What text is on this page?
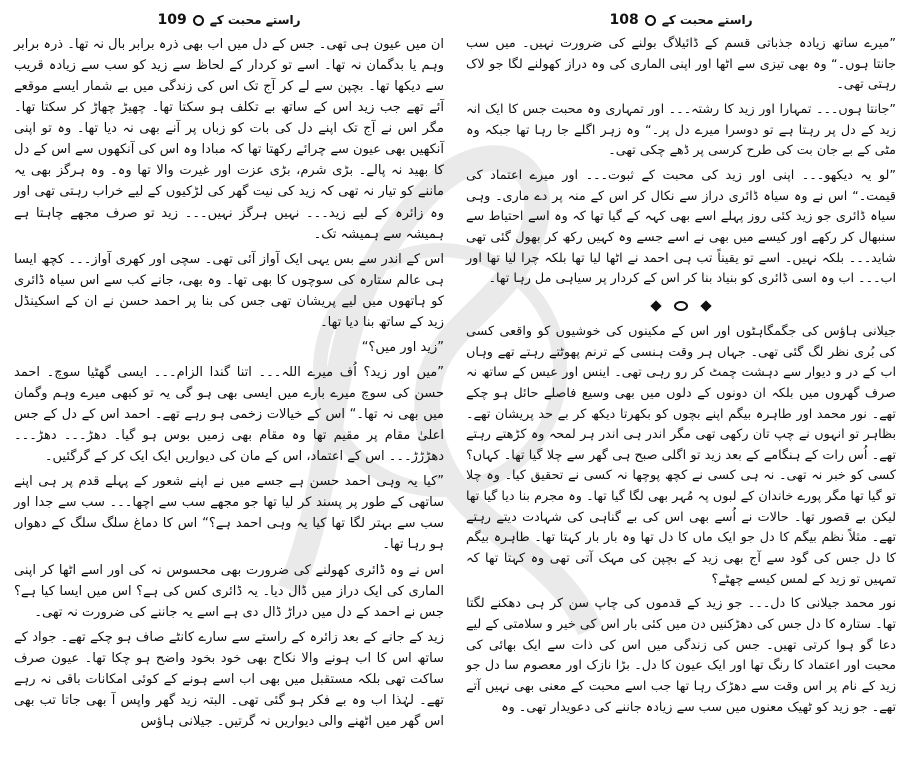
راستے محبت کے
109

ان میں عیون ہی تھی۔ جس کے دل میں اب بھی ذرہ برابر بال نہ تھا۔ ذرہ برابر وہم یا بدگمان نہ تھا۔ اسے تو کردار کے لحاظ سے زید کو سب سے زیادہ قریب سے دیکھا تھا۔ بچپن سے لے کر آج تک اس کی زندگی میں بے شمار ایسے موقعے آئے تھے جب زید اس کے ساتھ بے تکلف ہو سکتا تھا۔ چھیڑ چھاڑ کر سکتا تھا۔ مگر اس نے آج تک اپنے دل کی بات کو زباں پر آنے بھی نہ دیا تھا۔ وہ تو اپنی آنکھیں بھی عیون سے چرائے رکھتا تھا کہ مبادا وہ اس کی آنکھوں سے اس کے دل کا بھید نہ پالے۔ بڑی شرم، بڑی عزت اور غیرت والا تھا وہ۔ وہ ہرگز بھی یہ ماننے کو تیار نہ تھی کہ زید کی نیت گھر کی لڑکیوں کے لیے خراب رہتی تھی اور وہ زائرہ کے لیے زید۔۔۔ نہیں ہرگز نہیں۔۔۔ زید تو صرف مجھے چاہتا ہے ہمیشہ سے ہمیشہ تک۔

اس کے اندر سے بس یہی ایک آواز آئی تھی۔ سچی اور کھری آواز۔۔۔ کچھ ایسا ہی عالم ستارہ کی سوچوں کا بھی تھا۔ وہ بھی، جانے کب سے اس سیاہ ڈائری کو ہاتھوں میں لیے پریشان تھی جس کی بنا پر احمد حسن نے ان کے اسکینڈل زید کے ساتھ بنا دیا تھا۔

”زید اور میں؟“

”میں اور زید؟ اُف میرے اللہ۔۔۔ اتنا گندا الزام۔۔۔ ایسی گھٹیا سوچ۔ احمد حسن کی سوچ میرے بارے میں ایسی بھی ہو گی یہ تو کبھی میرے وہم وگمان میں بھی نہ تھا۔“ اس کے خیالات زخمی ہو رہے تھے۔ احمد اس کے دل کے جس اعلیٰ مقام پر مقیم تھا وہ مقام بھی زمیں بوس ہو گیا۔ دھڑ۔۔۔ دھڑ۔۔۔ دھڑڑڑ۔۔۔ اس کے اعتماد، اس کے مان کی دیواریں ایک ایک کر کے گرگئیں۔

”کیا یہ وہی احمد حسن ہے جسے میں نے اپنے شعور کے پہلے قدم پر ہی اپنے ساتھی کے طور پر پسند کر لیا تھا جو مجھے سب سے اچھا۔۔۔ سب سے جدا اور سب سے بہتر لگا تھا کیا یہ وہی احمد ہے؟“ اس کا دماغ سلگ سلگ کے دھواں ہو رہا تھا۔

اس نے وہ ڈائری کھولنے کی ضرورت بھی محسوس نہ کی اور اسے اٹھا کر اپنی الماری کی ایک دراز میں ڈال دیا۔ یہ ڈائری کس کی ہے؟ اس میں ایسا کیا ہے؟ جس نے احمد کے دل میں دراڑ ڈال دی ہے اسے یہ جاننے کی ضرورت نہ تھی۔

زید کے جانے کے بعد زائرہ کے راستے سے سارے کانٹے صاف ہو چکے تھے۔ جواد کے ساتھ اس کا اب ہونے والا نکاح بھی خود بخود واضح ہو چکا تھا۔ عیون صرف ساکت تھی بلکہ مستقبل میں بھی اب اسے ہونے کے کوئی امکانات باقی نہ رہے تھے۔ لہٰذا اب وہ بے فکر ہو گئی تھی۔ البتہ زید گھر واپس آ بھی جاتا تب بھی اس گھر میں اٹھنے والی دیواریں نہ گرتیں۔ جیلانی ہاؤس

راستے محبت کے
108

”میرے ساتھ زیادہ جذباتی قسم کے ڈائیلاگ بولنے کی ضرورت نہیں۔ میں سب جانتا ہوں۔“ وہ بھی تیزی سے اٹھا اور اپنی الماری کی وہ دراز کھولنے لگا جو لاک رہتی تھی۔

”جانتا ہوں۔۔۔ تمہارا اور زید کا رشتہ۔۔۔ اور تمہاری وہ محبت جس کا ایک انہ زید کے دل پر رہتا ہے تو دوسرا میرے دل پر۔“ وہ زہر اگلے جا رہا تھا جبکہ وہ مٹی کے بے جان بت کی طرح کرسی پر ڈھے چکی تھی۔

”لو یہ دیکھو۔۔۔ اپنی اور زید کی محبت کے ثبوت۔۔۔ اور میرے اعتماد کی قیمت۔“ اس نے وہ سیاہ ڈائری دراز سے نکال کر اس کے منہ پر دے ماری۔ وہی سیاہ ڈائری جو زید کئی روز پہلے اسے بھی کہہ کے گیا تھا کہ وہ اسے احتیاط سے سنبھال کر رکھے اور کیسے میں بھی نے اسے جسے وہ کہیں رکھ کر بھول گئی تھی شاید۔۔۔ بلکہ نہیں۔ اسے تو یقیناً تب ہی احمد نے اٹھا لیا تھا بلکہ چرا لیا تھا اور اب۔۔۔ اب وہ اسی ڈائری کو بنیاد بنا کر اس کے کردار پر سیاہی مل رہا تھا۔

جیلانی ہاؤس کی جگمگاہٹوں اور اس کے مکینوں کی خوشیوں کو واقعی کسی کی بُری نظر لگ گئی تھی۔ جہاں ہر وقت ہنسی کے ترنم پھوٹتے رہتے تھے وہاں اب کے در و دیوار سے دہشت چمٹ کر رو رہی تھی۔ اینس اور عیس کے ساتھ نہ صرف گھروں میں بلکہ ان دونوں کے دلوں میں بھی وسیع فاصلے حائل ہو چکے تھے۔ نور محمد اور طاہرہ بیگم اپنے بچوں کو بکھرتا دیکھ کر بے حد پریشان تھے۔ بظاہر تو انہوں نے چپ تان رکھی تھی مگر اندر ہی اندر ہر لمحہ وہ کڑھتے رہتے تھے۔ اُس رات کے ہنگامے کے بعد زید تو اگلی صبح ہی گھر سے چلا گیا تھا۔ کہاں؟ کسی کو خبر نہ تھی۔ نہ ہی کسی نے کچھ پوچھا نہ کسی نے تحقیق کیا۔ وہ چلا تو گیا تھا مگر پورے خاندان کے لبوں پہ مُہر بھی لگا گیا تھا۔ وہ مجرم بنا دیا گیا تھا لیکن بے قصور تھا۔ حالات نے اُسے بھی اس کی بے گناہی کی شہادت دیتے رہتے تھے۔ مثلاً نظم بیگم کا دل جو ایک ماں کا دل تھا وہ بار بار کہتا تھا۔ طاہرہ بیگم کا دل جس کی گود سے آج بھی زید کے بچپن کی مہک آتی تھی وہ کہتا تھا کہ تمہیں تو زید کے لمس کیسے چھٹے؟

نور محمد جیلانی کا دل۔۔۔ جو زید کے قدموں کی چاپ سن کر ہی دھکنے لگتا تھا۔ ستارہ کا دل جس کی دھڑکنیں دن میں کئی بار اس کی خیر و سلامتی کے لیے دعا گو ہوا کرتی تھیں۔ جس کی زندگی میں اس کی ذات سے ایک بھائی کی محبت اور اعتماد کا رنگ تھا اور ایک عیون کا دل۔ بڑا نازک اور معصوم سا دل جو زید کے نام پر اس وقت سے دھڑک رہا تھا جب اسے محبت کے معنی بھی نہیں آتے تھے۔ جو زید کو ٹھیک معنوں میں سب سے زیادہ جاننے کی دعویدار تھی۔ وہ
